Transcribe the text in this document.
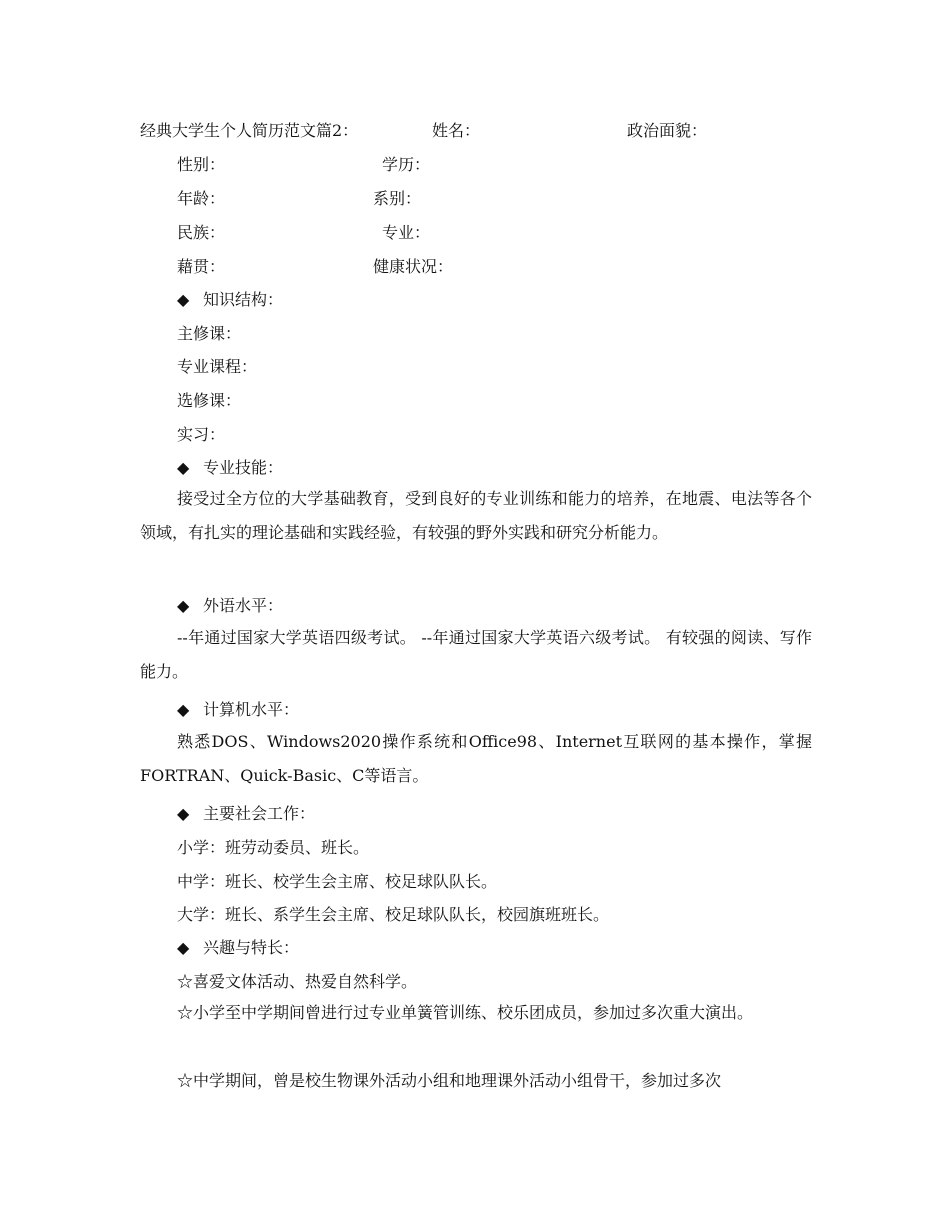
经典大学生个人简历范文篇2：	姓名：	政治面貌：
性别：	学历：
年龄：	系别：
民族：	专业：
藉贯：	健康状况：
◆ 知识结构：
主修课：
专业课程：
选修课：
实习：
◆ 专业技能：
接受过全方位的大学基础教育，受到良好的专业训练和能力的培养，在地震、电法等各个领域，有扎实的理论基础和实践经验，有较强的野外实践和研究分析能力。
◆ 外语水平：
--年通过国家大学英语四级考试。 --年通过国家大学英语六级考试。 有较强的阅读、写作能力。
◆ 计算机水平：
熟悉DOS、Windows2020操作系统和Office98、Internet互联网的基本操作，掌握FORTRAN、Quick-Basic、C等语言。
◆ 主要社会工作：
小学：班劳动委员、班长。
中学：班长、校学生会主席、校足球队队长。
大学：班长、系学生会主席、校足球队队长，校园旗班班长。
◆ 兴趣与特长：
☆喜爱文体活动、热爱自然科学。
☆小学至中学期间曾进行过专业单簧管训练、校乐团成员，参加过多次重大演出。
☆中学期间，曾是校生物课外活动小组和地理课外活动小组骨干，参加过多次
